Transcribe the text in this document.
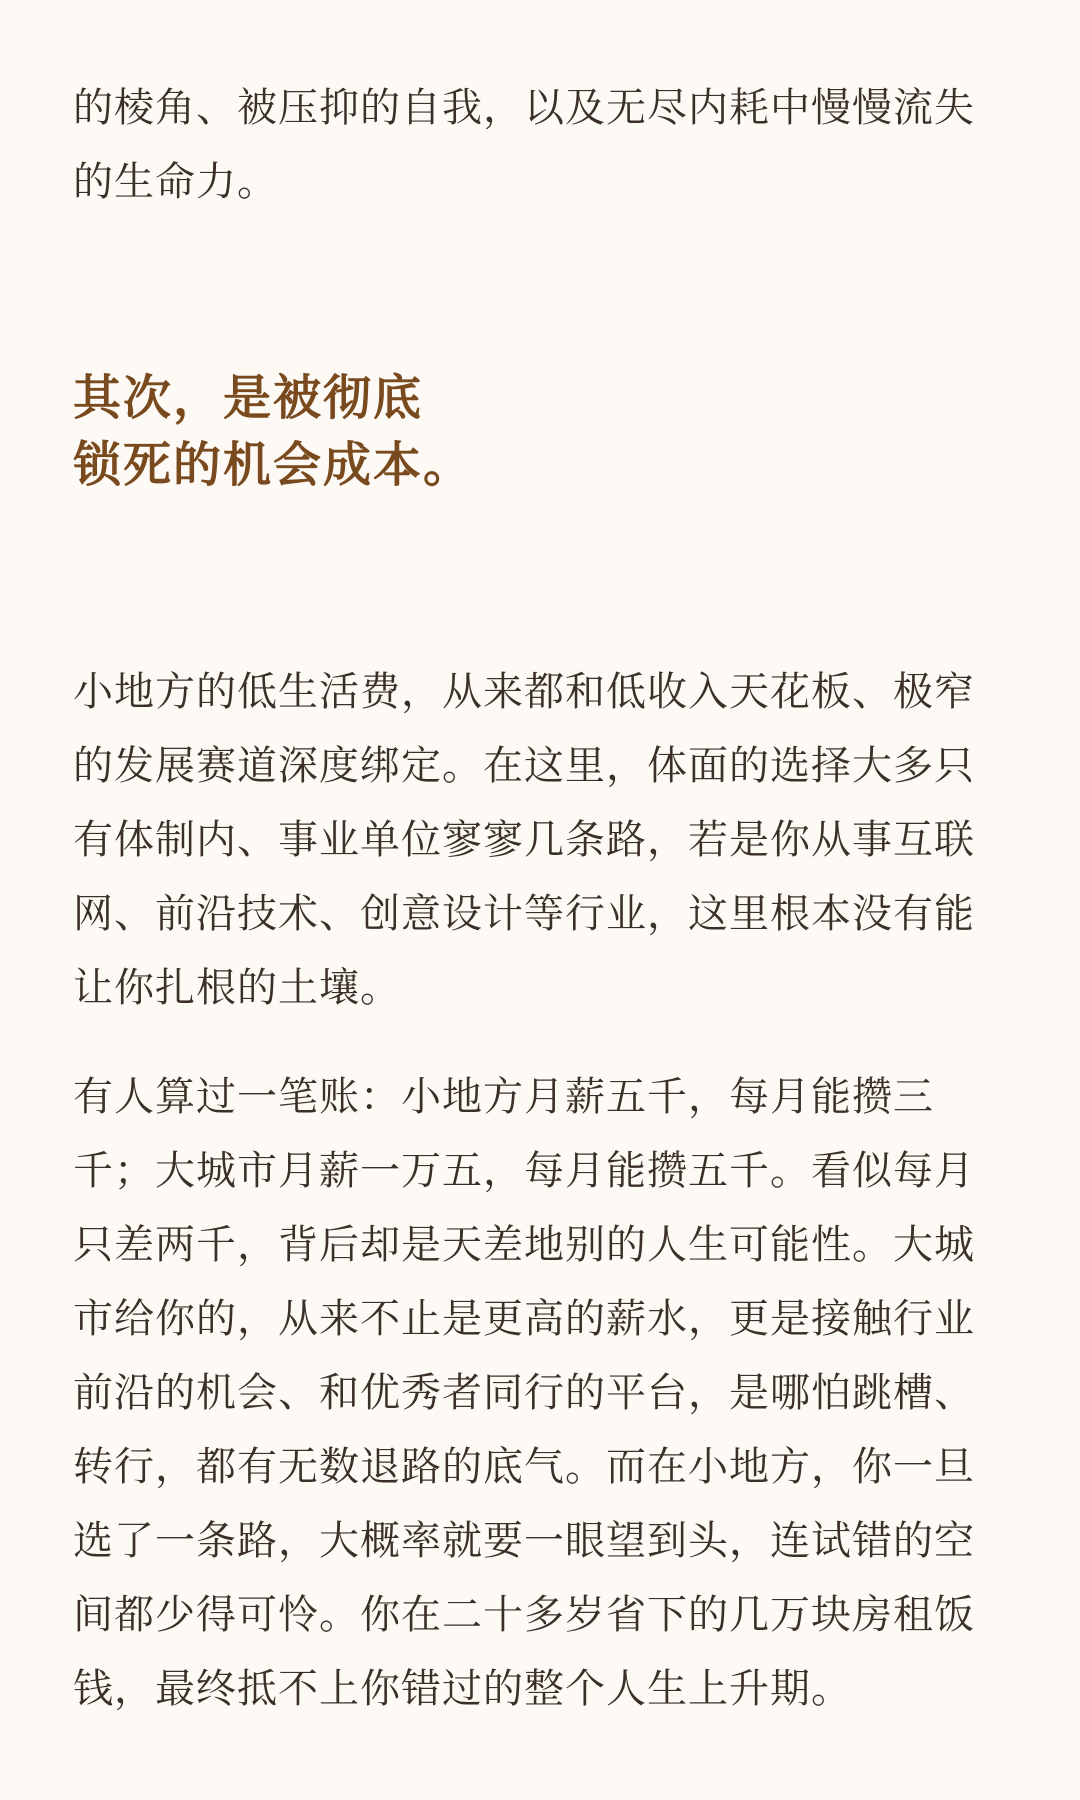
的棱角、被压抑的自我，以及无尽内耗中慢慢流失
的生命力。

其次，是被彻底
锁死的机会成本。

小地方的低生活费，从来都和低收入天花板、极窄
的发展赛道深度绑定。在这里，体面的选择大多只
有体制内、事业单位寥寥几条路，若是你从事互联
网、前沿技术、创意设计等行业，这里根本没有能
让你扎根的土壤。

有人算过一笔账：小地方月薪五千，每月能攒三
千；大城市月薪一万五，每月能攒五千。看似每月
只差两千，背后却是天差地别的人生可能性。大城
市给你的，从来不止是更高的薪水，更是接触行业
前沿的机会、和优秀者同行的平台，是哪怕跳槽、
转行，都有无数退路的底气。而在小地方，你一旦
选了一条路，大概率就要一眼望到头，连试错的空
间都少得可怜。你在二十多岁省下的几万块房租饭
钱，最终抵不上你错过的整个人生上升期。
